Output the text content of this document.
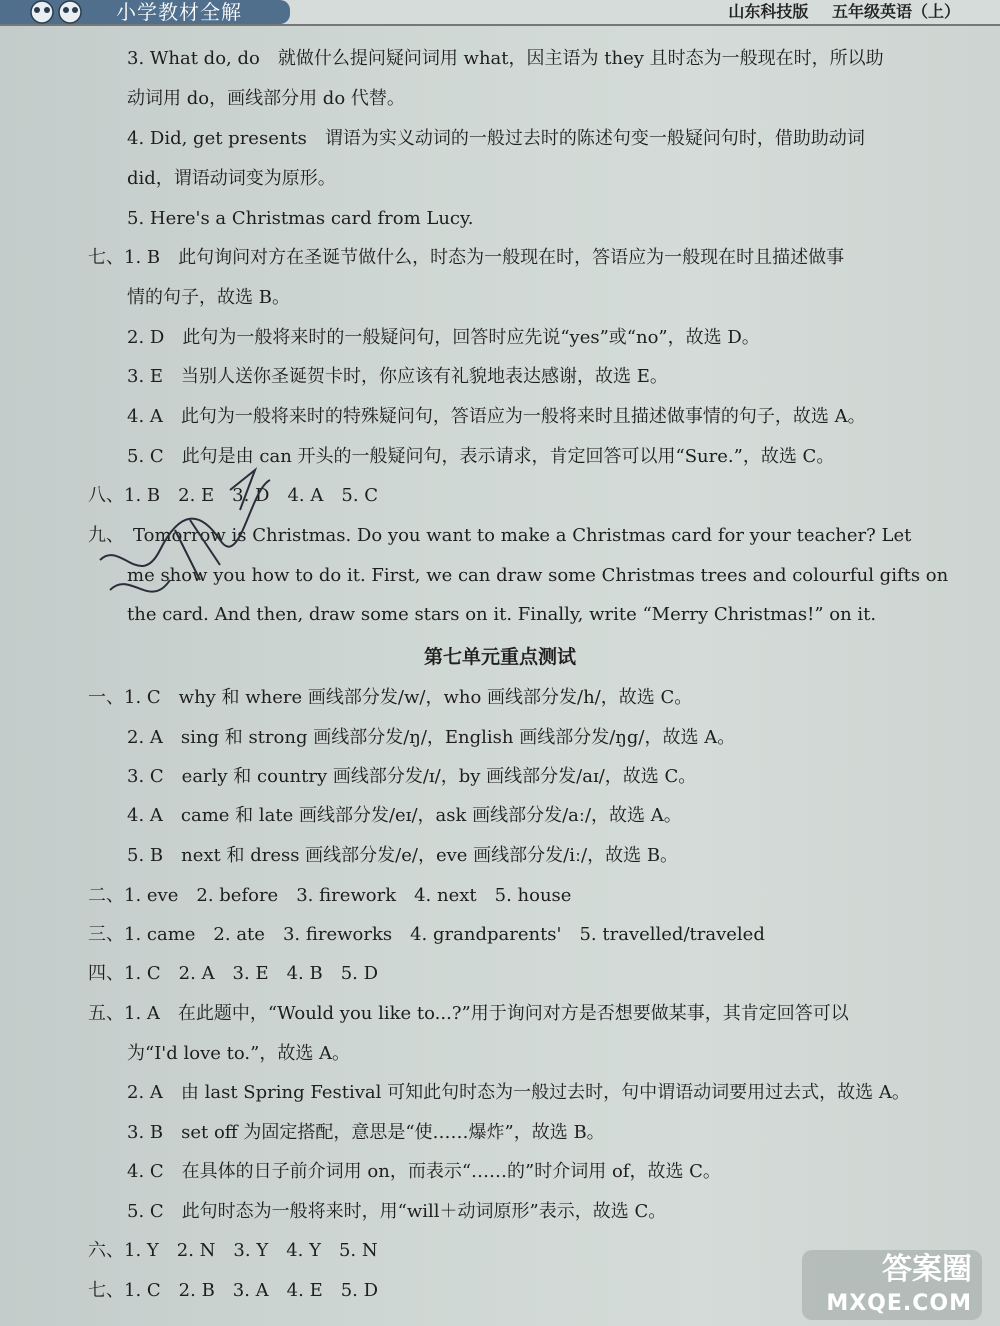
小学教材全解	山东科技版 五年级英语（上）
3. What do, do　就做什么提问疑问词用 what，因主语为 they 且时态为一般现在时，所以助
动词用 do，画线部分用 do 代替。
4. Did, get presents　谓语为实义动词的一般过去时的陈述句变一般疑问句时，借助助动词
did，谓语动词变为原形。
5. Here's a Christmas card from Lucy.
七、1. B　此句询问对方在圣诞节做什么，时态为一般现在时，答语应为一般现在时且描述做事
情的句子，故选 B。
2. D　此句为一般将来时的一般疑问句，回答时应先说“yes”或“no”，故选 D。
3. E　当别人送你圣诞贺卡时，你应该有礼貌地表达感谢，故选 E。
4. A　此句为一般将来时的特殊疑问句，答语应为一般将来时且描述做事情的句子，故选 A。
5. C　此句是由 can 开头的一般疑问句，表示请求，肯定回答可以用“Sure.”，故选 C。
八、1. B　2. E　3. D　4. A　5. C
九、　Tomorrow is Christmas. Do you want to make a Christmas card for your teacher? Let
me show you how to do it. First, we can draw some Christmas trees and colourful gifts on
the card. And then, draw some stars on it. Finally, write “Merry Christmas!” on it.
第七单元重点测试
一、1. C　why 和 where 画线部分发/w/，who 画线部分发/h/，故选 C。
2. A　sing 和 strong 画线部分发/ŋ/，English 画线部分发/ŋg/，故选 A。
3. C　early 和 country 画线部分发/ɪ/，by 画线部分发/aɪ/，故选 C。
4. A　came 和 late 画线部分发/eɪ/，ask 画线部分发/aː/，故选 A。
5. B　next 和 dress 画线部分发/e/，eve 画线部分发/iː/，故选 B。
二、1. eve　2. before　3. firework　4. next　5. house
三、1. came　2. ate　3. fireworks　4. grandparents'　5. travelled/traveled
四、1. C　2. A　3. E　4. B　5. D
五、1. A　在此题中，“Would you like to...?”用于询问对方是否想要做某事，其肯定回答可以
为“I'd love to.”，故选 A。
2. A　由 last Spring Festival 可知此句时态为一般过去时，句中谓语动词要用过去式，故选 A。
3. B　set off 为固定搭配，意思是“使……爆炸”，故选 B。
4. C　在具体的日子前介词用 on，而表示“……的”时介词用 of，故选 C。
5. C　此句时态为一般将来时，用“will＋动词原形”表示，故选 C。
六、1. Y　2. N　3. Y　4. Y　5. N
七、1. C　2. B　3. A　4. E　5. D
答案圈
MXQE.COM
